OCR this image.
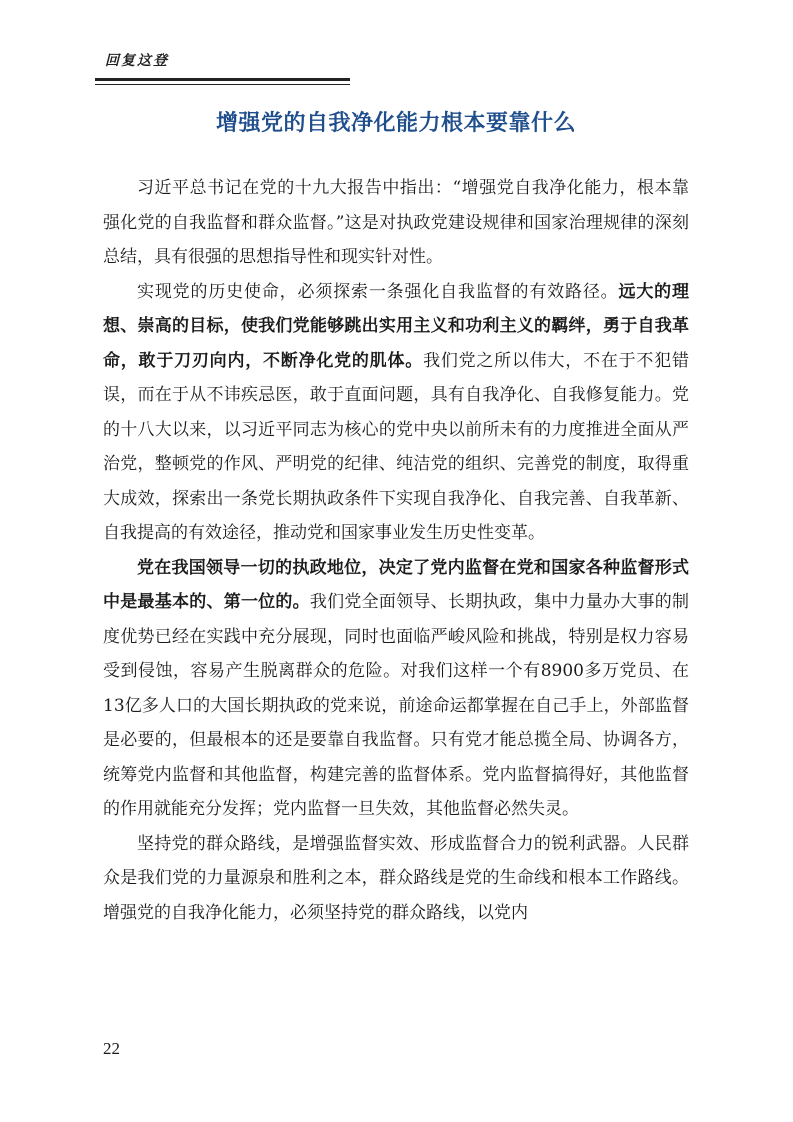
回复这登
增强党的自我净化能力根本要靠什么

习近平总书记在党的十九大报告中指出：“增强党自我净化能力，根本靠强化党的自我监督和群众监督。”这是对执政党建设规律和国家治理规律的深刻总结，具有很强的思想指导性和现实针对性。

实现党的历史使命，必须探索一条强化自我监督的有效路径。远大的理想、崇高的目标，使我们党能够跳出实用主义和功利主义的羁绊，勇于自我革命，敢于刀刃向内，不断净化党的肌体。我们党之所以伟大，不在于不犯错误，而在于从不讳疾忌医，敢于直面问题，具有自我净化、自我修复能力。党的十八大以来，以习近平同志为核心的党中央以前所未有的力度推进全面从严治党，整顿党的作风、严明党的纪律、纯洁党的组织、完善党的制度，取得重大成效，探索出一条党长期执政条件下实现自我净化、自我完善、自我革新、自我提高的有效途径，推动党和国家事业发生历史性变革。

党在我国领导一切的执政地位，决定了党内监督在党和国家各种监督形式中是最基本的、第一位的。我们党全面领导、长期执政，集中力量办大事的制度优势已经在实践中充分展现，同时也面临严峻风险和挑战，特别是权力容易受到侵蚀，容易产生脱离群众的危险。对我们这样一个有8900多万党员、在13亿多人口的大国长期执政的党来说，前途命运都掌握在自己手上，外部监督是必要的，但最根本的还是要靠自我监督。只有党才能总揽全局、协调各方，统筹党内监督和其他监督，构建完善的监督体系。党内监督搞得好，其他监督的作用就能充分发挥；党内监督一旦失效，其他监督必然失灵。

坚持党的群众路线，是增强监督实效、形成监督合力的锐利武器。人民群众是我们党的力量源泉和胜利之本，群众路线是党的生命线和根本工作路线。增强党的自我净化能力，必须坚持党的群众路线，以党内

22
